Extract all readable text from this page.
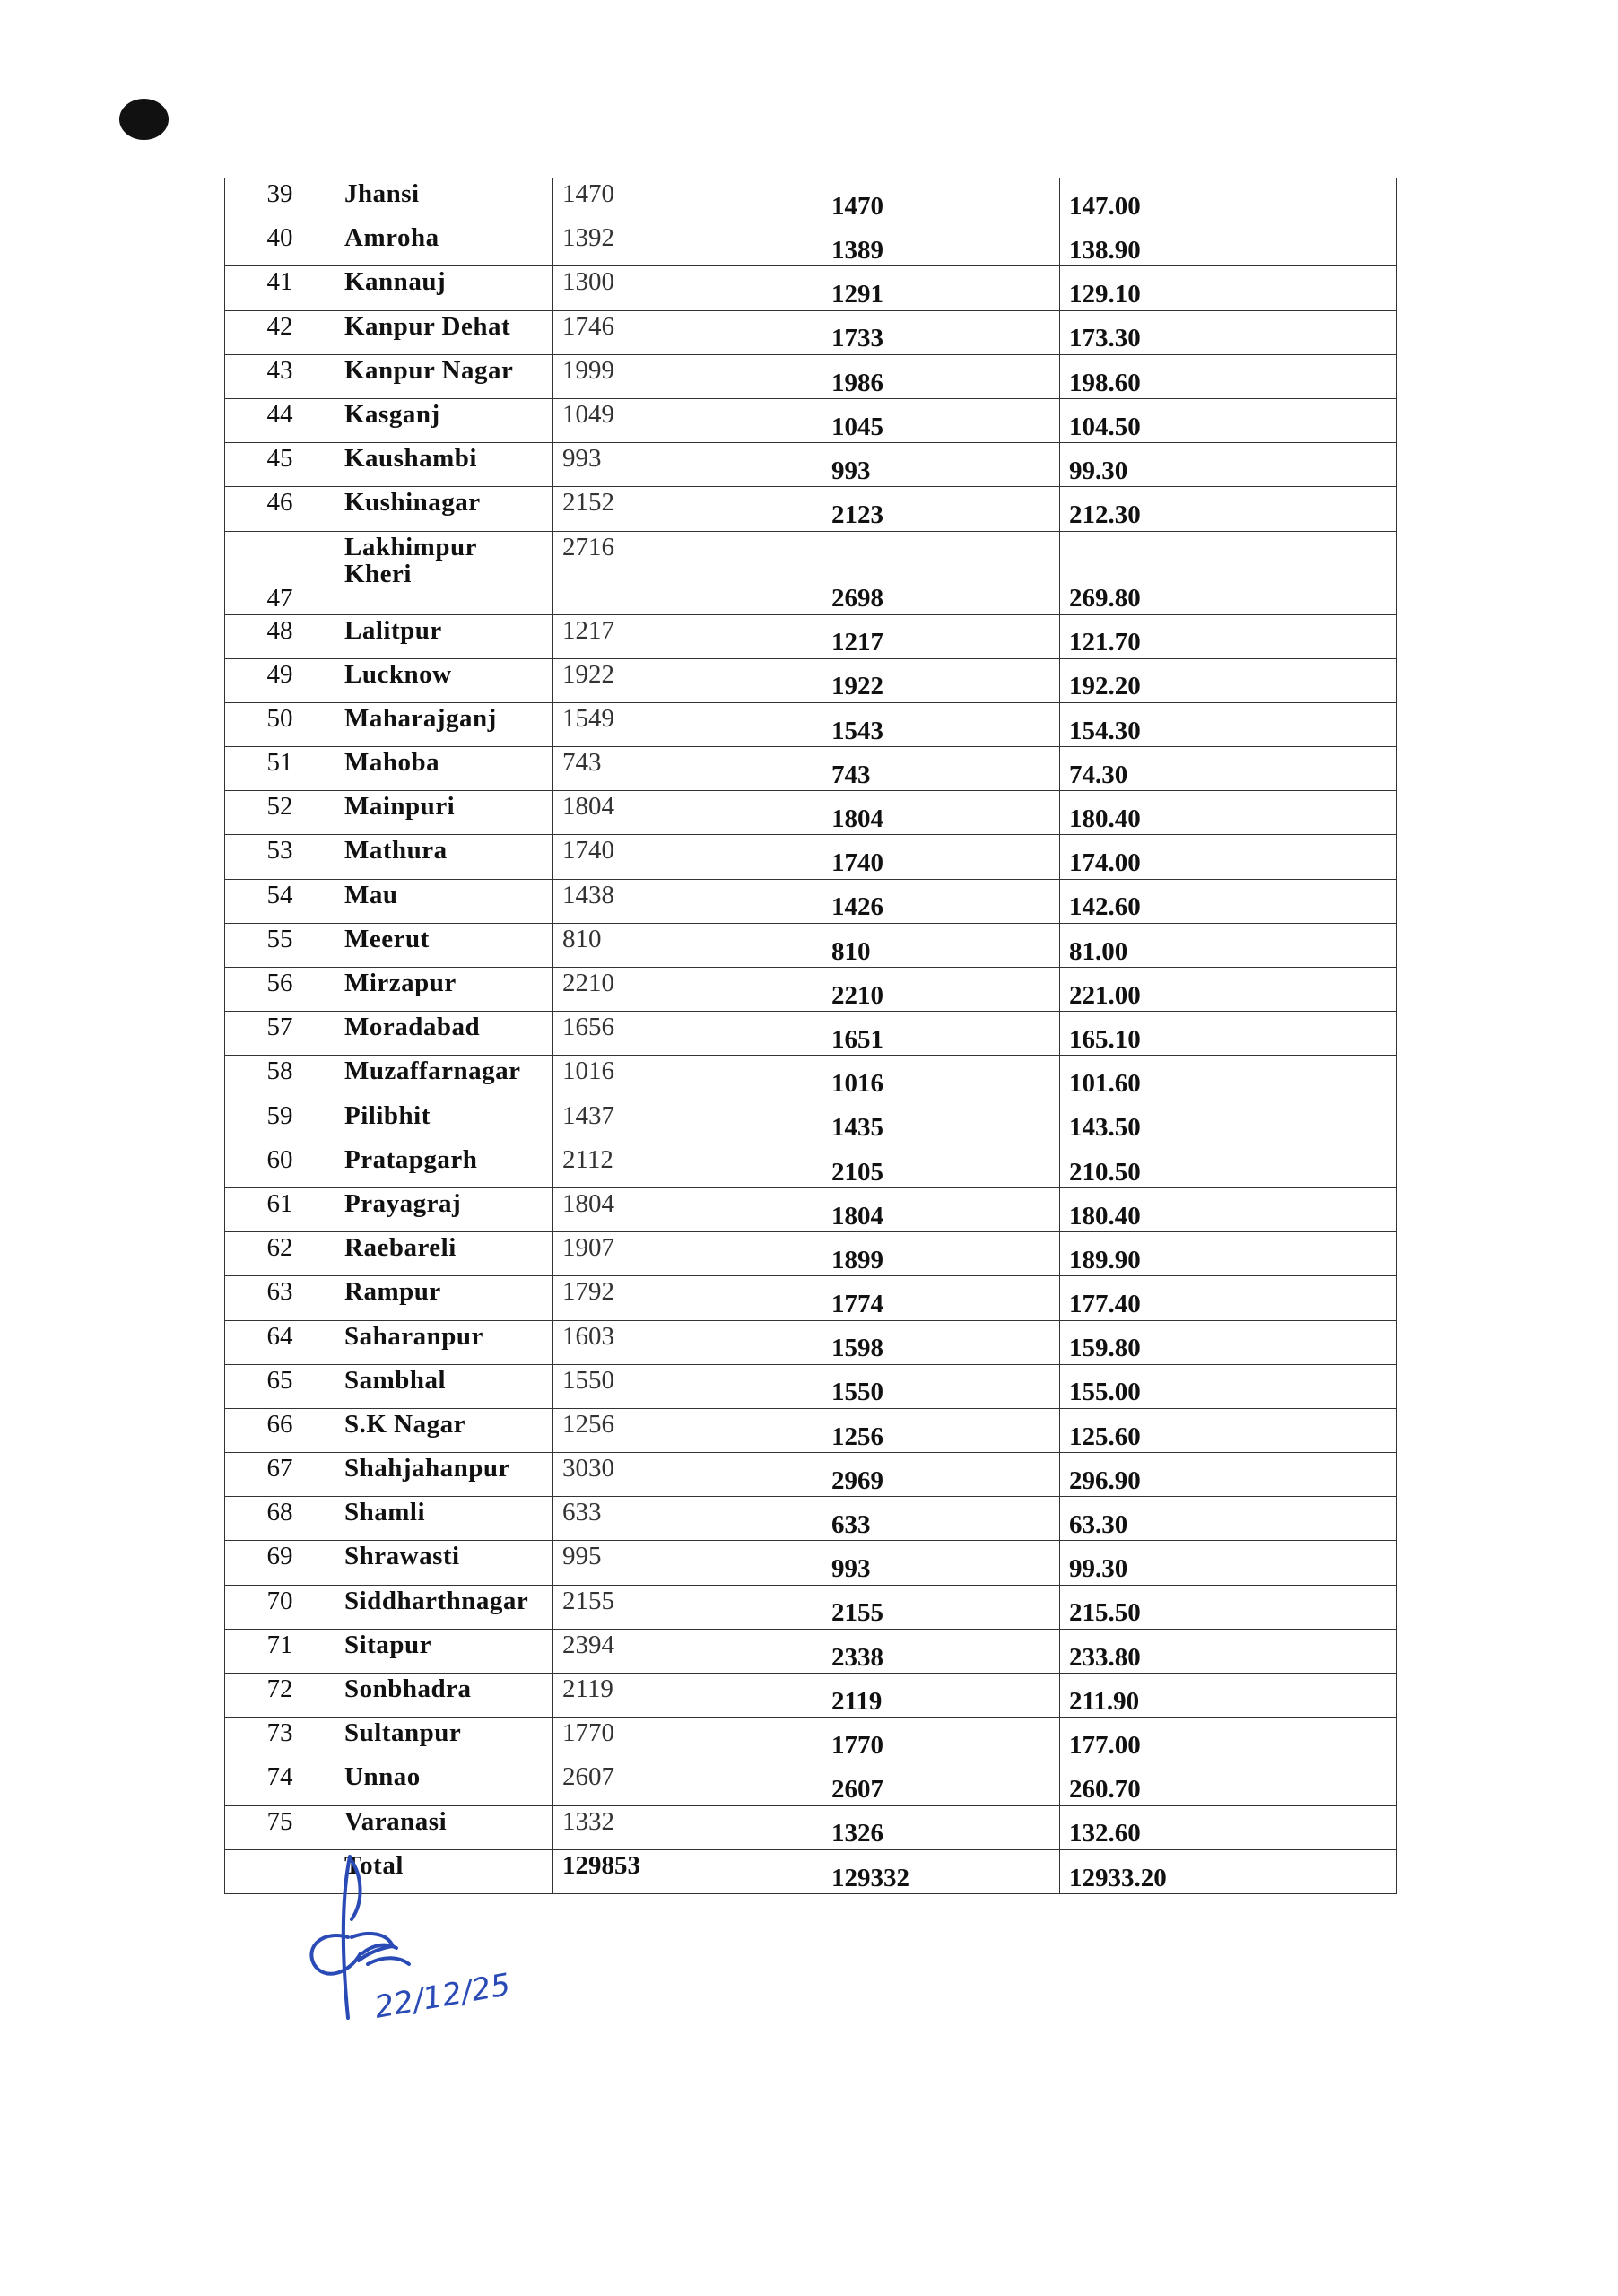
39	Jhansi	1470	1470	147.00
40	Amroha	1392	1389	138.90
41	Kannauj	1300	1291	129.10
42	Kanpur Dehat	1746	1733	173.30
43	Kanpur Nagar	1999	1986	198.60
44	Kasganj	1049	1045	104.50
45	Kaushambi	993	993	99.30
46	Kushinagar	2152	2123	212.30
47	Lakhimpur Kheri	2716	2698	269.80
48	Lalitpur	1217	1217	121.70
49	Lucknow	1922	1922	192.20
50	Maharajganj	1549	1543	154.30
51	Mahoba	743	743	74.30
52	Mainpuri	1804	1804	180.40
53	Mathura	1740	1740	174.00
54	Mau	1438	1426	142.60
55	Meerut	810	810	81.00
56	Mirzapur	2210	2210	221.00
57	Moradabad	1656	1651	165.10
58	Muzaffarnagar	1016	1016	101.60
59	Pilibhit	1437	1435	143.50
60	Pratapgarh	2112	2105	210.50
61	Prayagraj	1804	1804	180.40
62	Raebareli	1907	1899	189.90
63	Rampur	1792	1774	177.40
64	Saharanpur	1603	1598	159.80
65	Sambhal	1550	1550	155.00
66	S.K Nagar	1256	1256	125.60
67	Shahjahanpur	3030	2969	296.90
68	Shamli	633	633	63.30
69	Shrawasti	995	993	99.30
70	Siddharthnagar	2155	2155	215.50
71	Sitapur	2394	2338	233.80
72	Sonbhadra	2119	2119	211.90
73	Sultanpur	1770	1770	177.00
74	Unnao	2607	2607	260.70
75	Varanasi	1332	1326	132.60
	Total	129853	129332	12933.20
22/12/25
